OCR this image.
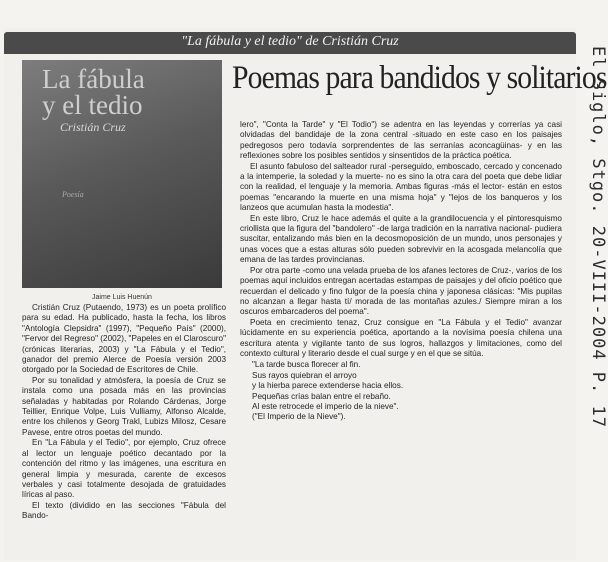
"La fábula y el tedio" de Cristián Cruz
La fábula
y el tedio
Cristián Cruz
Poesía
Jaime Luis Huenún
Poemas para bandidos y solitarios

Cristián Cruz (Putaendo, 1973) es un poeta prolífico para su edad. Ha publicado, hasta la fecha, los libros "Antología Clepsidra" (1997), "Pequeño País" (2000), "Fervor del Regreso" (2002), "Papeles en el Claroscuro" (crónicas literarias, 2003) y "La Fábula y el Tedio", ganador del premio Alerce de Poesía versión 2003 otorgado por la Sociedad de Escritores de Chile.

Por su tonalidad y atmósfera, la poesía de Cruz se instala como una posada más en las provincias señaladas y habitadas por Rolando Cárdenas, Jorge Teillier, Enrique Volpe, Luis Vulliamy, Alfonso Alcalde, entre los chilenos y Georg Trakl, Lubizs Milosz, Cesare Pavese, entre otros poetas del mundo.

En "La Fábula y el Tedio", por ejemplo, Cruz ofrece al lector un lenguaje poético decantado por la contención del ritmo y las imágenes, una escritura en general limpia y mesurada, carente de excesos verbales y casi totalmente desojada de gratuidades líricas al paso.

El texto (dividido en las secciones "Fábula del Bando-

lero", "Conta la Tarde" y "El Todio") se adentra en las leyendas y correrías ya casi olvidadas del bandidaje de la zona central -situado en este caso en los paisajes pedregosos pero todavía sorprendentes de las serranías aconcagüinas- y en las reflexiones sobre los posibles sentidos y sinsentidos de la práctica poética.

El asunto fabuloso del salteador rural -perseguido, emboscado, cercado y concenado a la intemperie, la soledad y la muerte- no es sino la otra cara del poeta que debe lidiar con la realidad, el lenguaje y la memoria. Ambas figuras -más el lector- están en estos poemas "encarando la muerte en una misma hoja" y "lejos de los banqueros y los lanzeos que acumulan hasta la modestia".

En este libro, Cruz le hace además el quite a la grandilocuencia y el pintoresquismo criollista que la figura del "bandolero" -de larga tradición en la narrativa nacional- pudiera suscitar, entalizando más bien en la decosmoposición de un mundo, unos personajes y unas voces que a estas alturas sólo pueden sobrevivir en la acosgada melancolía que emana de las tardes provincianas.

Por otra parte -como una velada prueba de los afanes lectores de Cruz-, varios de los poemas aquí incluidos entregan acertadas estampas de paisajes y del oficio poético que recuerdan el delicado y fino fulgor de la poesía china y japonesa clásicas: "Mis pupilas no alcanzan a llegar hasta tí/ morada de las montañas azules./ Siempre miran a los oscuros embarcaderos del poema".

Poeta en crecimiento tenaz, Cruz consigue en "La Fábula y el Tedio" avanzar lúcidamente en su experiencia poética, aportando a la novísima poesía chilena una escritura atenta y vigilante tanto de sus logros, hallazgos y limitaciones, como del contexto cultural y literario desde el cual surge y en el que se sitúa.

"La tarde busca florecer al fin.
Sus rayos quiebran el arroyo
y la hierba parece extenderse hacia ellos.
Pequeñas crías balan entre el rebaño.
Al este retrocede el imperio de la nieve".
("El Imperio de la Nieve").	El Siglo, Stgo. 20-VIII-2004 P. 17
